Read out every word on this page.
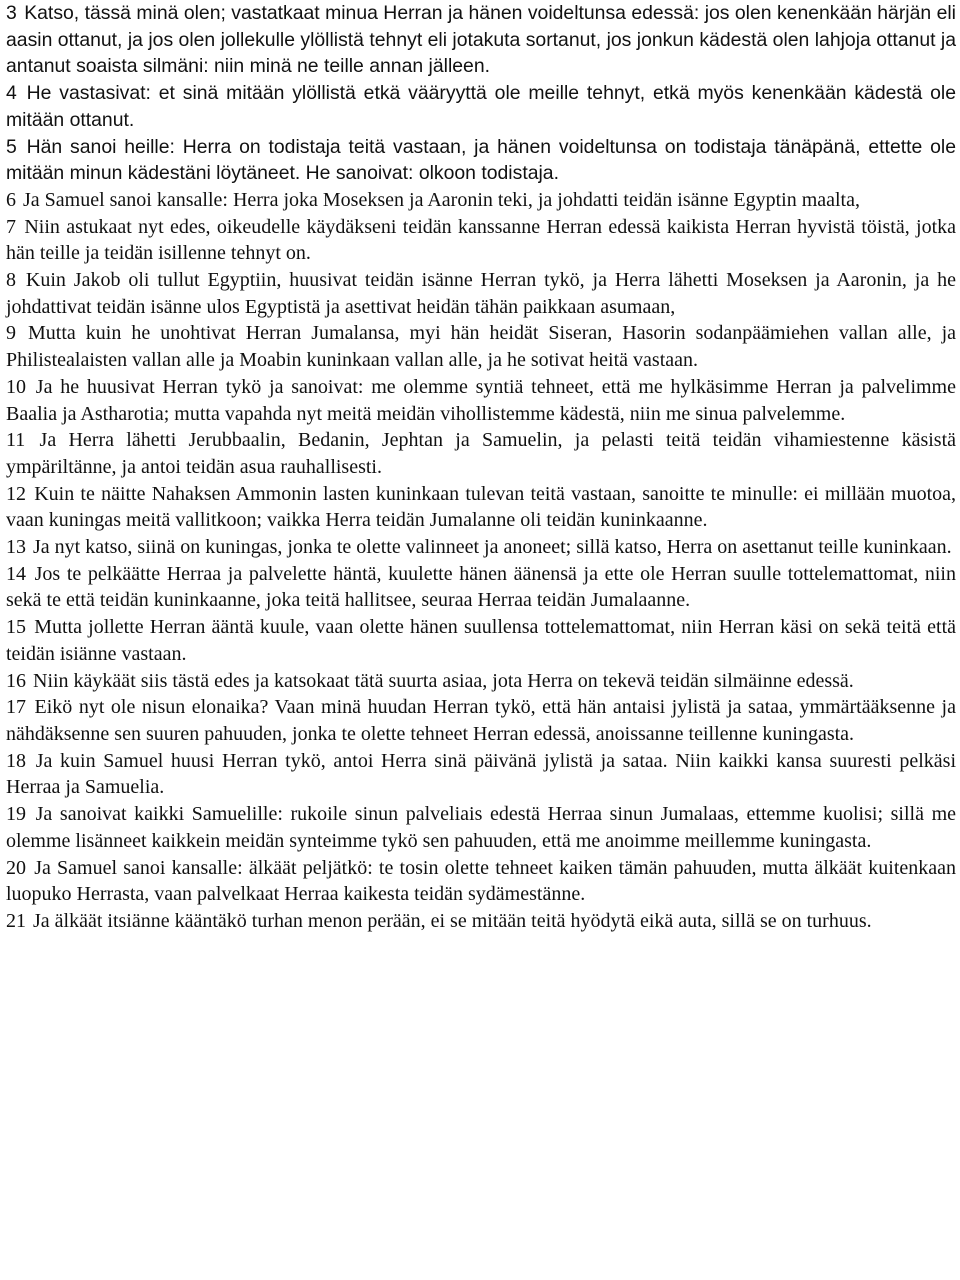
3 Katso, tässä minä olen; vastatkaat minua Herran ja hänen voideltunsa edessä: jos olen kenenkään härjän eli aasin ottanut, ja jos olen jollekulle ylöllistä tehnyt eli jotakuta sortanut, jos jonkun kädestä olen lahjoja ottanut ja antanut soaista silmäni: niin minä ne teille annan jälleen.

4 He vastasivat: et sinä mitään ylöllistä etkä vääryyttä ole meille tehnyt, etkä myös kenenkään kädestä ole mitään ottanut.

5 Hän sanoi heille: Herra on todistaja teitä vastaan, ja hänen voideltunsa on todistaja tänäpänä, ettette ole mitään minun kädestäni löytäneet. He sanoivat: olkoon todistaja.

6 Ja Samuel sanoi kansalle: Herra joka Moseksen ja Aaronin teki, ja johdatti teidän isänne Egyptin maalta,

7 Niin astukaat nyt edes, oikeudelle käydäkseni teidän kanssanne Herran edessä kaikista Herran hyvistä töistä, jotka hän teille ja teidän isillenne tehnyt on.

8 Kuin Jakob oli tullut Egyptiin, huusivat teidän isänne Herran tykö, ja Herra lähetti Moseksen ja Aaronin, ja he johdattivat teidän isänne ulos Egyptistä ja asettivat heidän tähän paikkaan asumaan,

9 Mutta kuin he unohtivat Herran Jumalansa, myi hän heidät Siseran, Hasorin sodanpäämiehen vallan alle, ja Philistealaisten vallan alle ja Moabin kuninkaan vallan alle, ja he sotivat heitä vastaan.

10 Ja he huusivat Herran tykö ja sanoivat: me olemme syntiä tehneet, että me hylkäsimme Herran ja palvelimme Baalia ja Astharotia; mutta vapahda nyt meitä meidän vihollistemme kädestä, niin me sinua palvelemme.

11 Ja Herra lähetti Jerubbaalin, Bedanin, Jephtan ja Samuelin, ja pelasti teitä teidän vihamiestenne käsistä ympäriltänne, ja antoi teidän asua rauhallisesti.

12 Kuin te näitte Nahaksen Ammonin lasten kuninkaan tulevan teitä vastaan, sanoitte te minulle: ei millään muotoa, vaan kuningas meitä vallitkoon; vaikka Herra teidän Jumalanne oli teidän kuninkaanne.

13 Ja nyt katso, siinä on kuningas, jonka te olette valinneet ja anoneet; sillä katso, Herra on asettanut teille kuninkaan.

14 Jos te pelkäätte Herraa ja palvelette häntä, kuulette hänen äänensä ja ette ole Herran suulle tottelemattomat, niin sekä te että teidän kuninkaanne, joka teitä hallitsee, seuraa Herraa teidän Jumalaanne.

15 Mutta jollette Herran ääntä kuule, vaan olette hänen suullensa tottelemattomat, niin Herran käsi on sekä teitä että teidän isiänne vastaan.

16 Niin käykäät siis tästä edes ja katsokaat tätä suurta asiaa, jota Herra on tekevä teidän silmäinne edessä.

17 Eikö nyt ole nisun elonaika? Vaan minä huudan Herran tykö, että hän antaisi jylistä ja sataa, ymmärtääksenne ja nähdäksenne sen suuren pahuuden, jonka te olette tehneet Herran edessä, anoissanne teillenne kuningasta.

18 Ja kuin Samuel huusi Herran tykö, antoi Herra sinä päivänä jylistä ja sataa. Niin kaikki kansa suuresti pelkäsi Herraa ja Samuelia.

19 Ja sanoivat kaikki Samuelille: rukoile sinun palveliais edestä Herraa sinun Jumalaas, ettemme kuolisi; sillä me olemme lisänneet kaikkein meidän synteimme tykö sen pahuuden, että me anoimme meillemme kuningasta.

20 Ja Samuel sanoi kansalle: älkäät peljätkö: te tosin olette tehneet kaiken tämän pahuuden, mutta älkäät kuitenkaan luopuko Herrasta, vaan palvelkaat Herraa kaikesta teidän sydämestänne.

21 Ja älkäät itsiänne kääntäkö turhan menon perään, ei se mitään teitä hyödytä eikä auta, sillä se on turhuus.
